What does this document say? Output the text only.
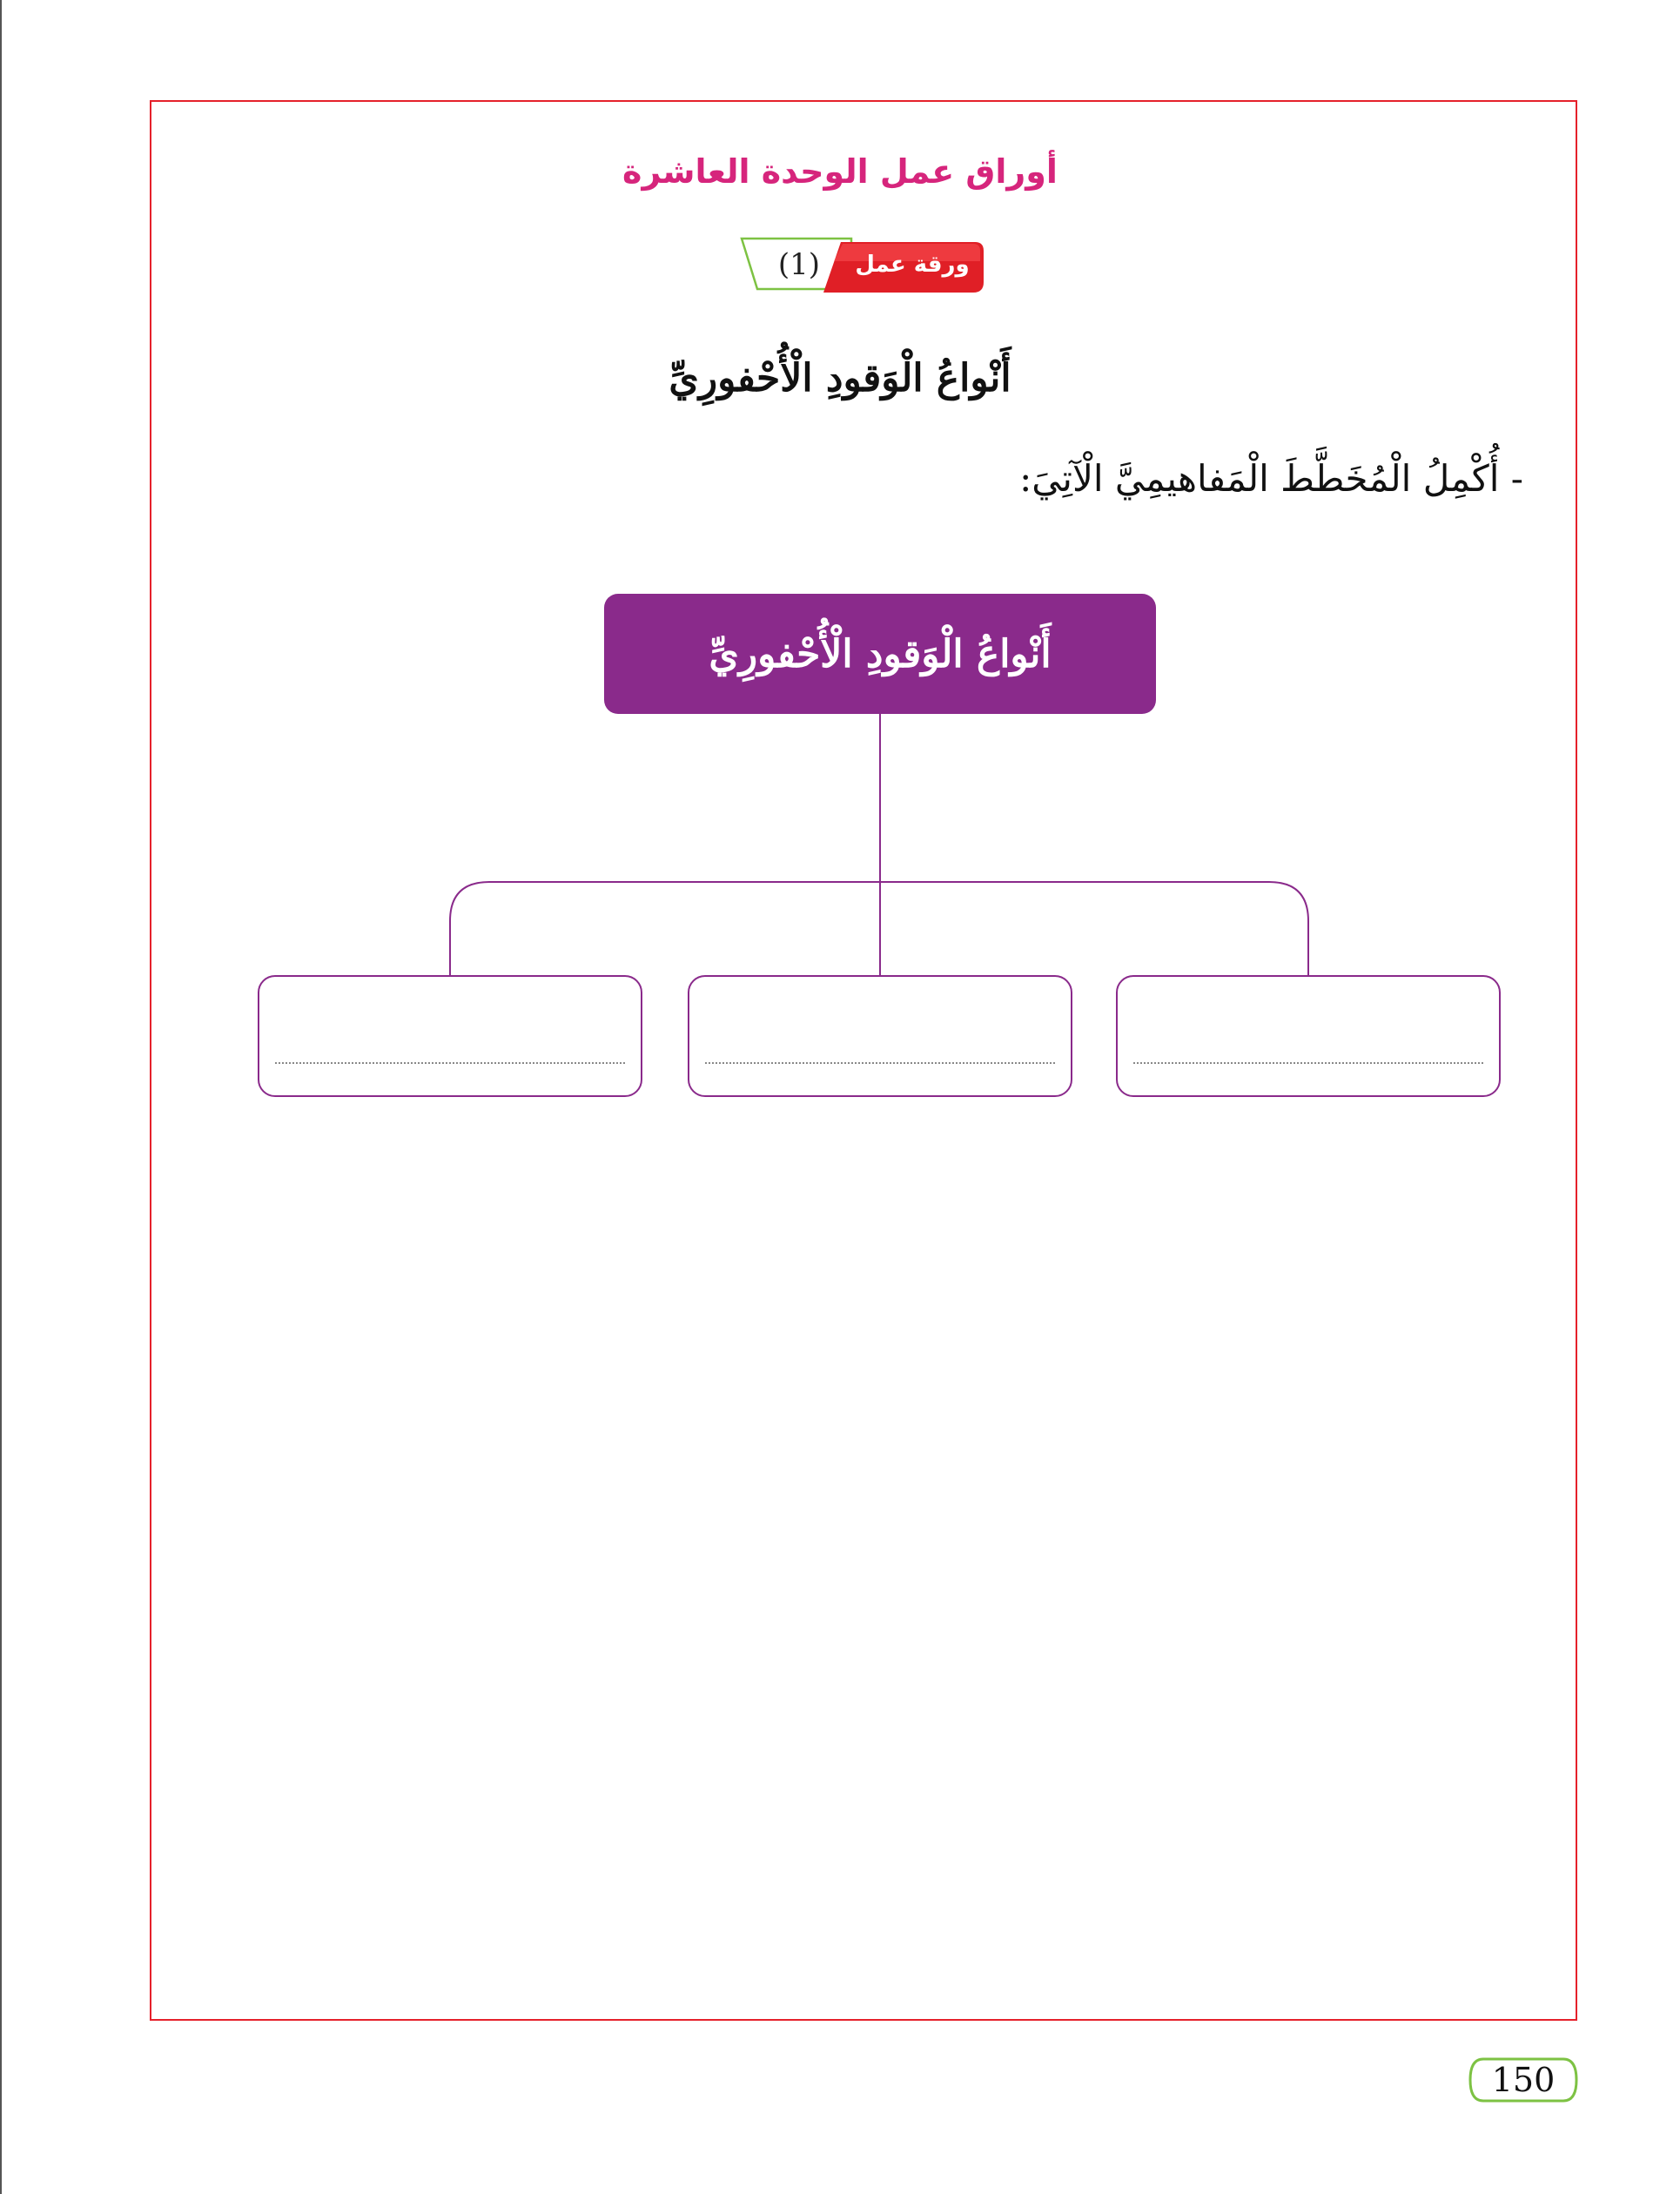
أوراق عمل الوحدة العاشرة
ورقة عمل
(1)
أَنْواعُ الْوَقودِ الْأُحْفورِيِّ

- أُكْمِلُ الْمُخَطَّطَ الْمَفاهيمِيَّ الْآتِيَ:

أَنْواعُ الْوَقودِ الْأُحْفورِيِّ
150
